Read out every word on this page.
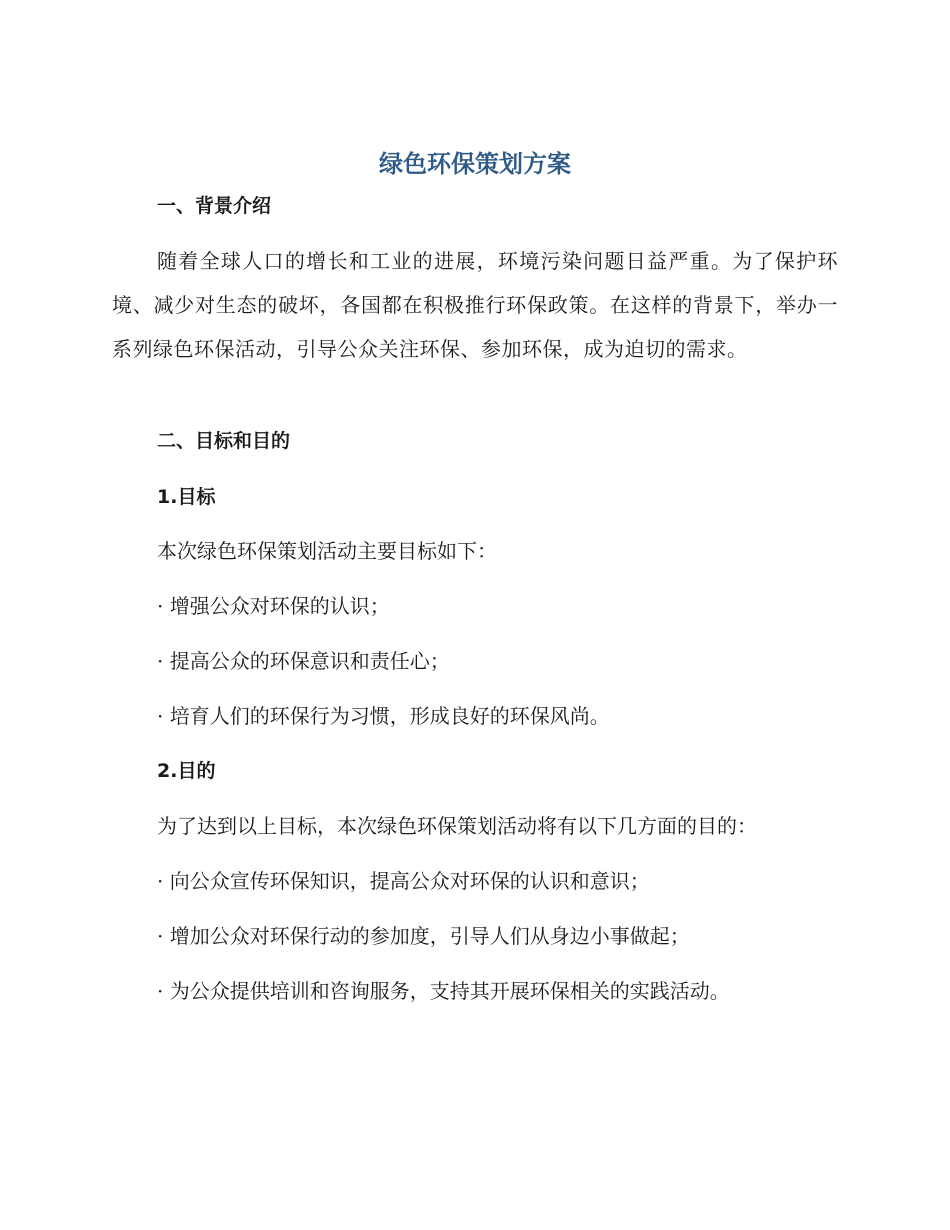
绿色环保策划方案
一、背景介绍

随着全球人口的增长和工业的进展，环境污染问题日益严重。为了保护环境、减少对生态的破坏，各国都在积极推行环保政策。在这样的背景下，举办一系列绿色环保活动，引导公众关注环保、参加环保，成为迫切的需求。

二、目标和目的
1.目标

本次绿色环保策划活动主要目标如下：

· 增强公众对环保的认识；

· 提高公众的环保意识和责任心；

· 培育人们的环保行为习惯，形成良好的环保风尚。

2.目的

为了达到以上目标，本次绿色环保策划活动将有以下几方面的目的：

· 向公众宣传环保知识，提高公众对环保的认识和意识；

· 增加公众对环保行动的参加度，引导人们从身边小事做起；

· 为公众提供培训和咨询服务，支持其开展环保相关的实践活动。
